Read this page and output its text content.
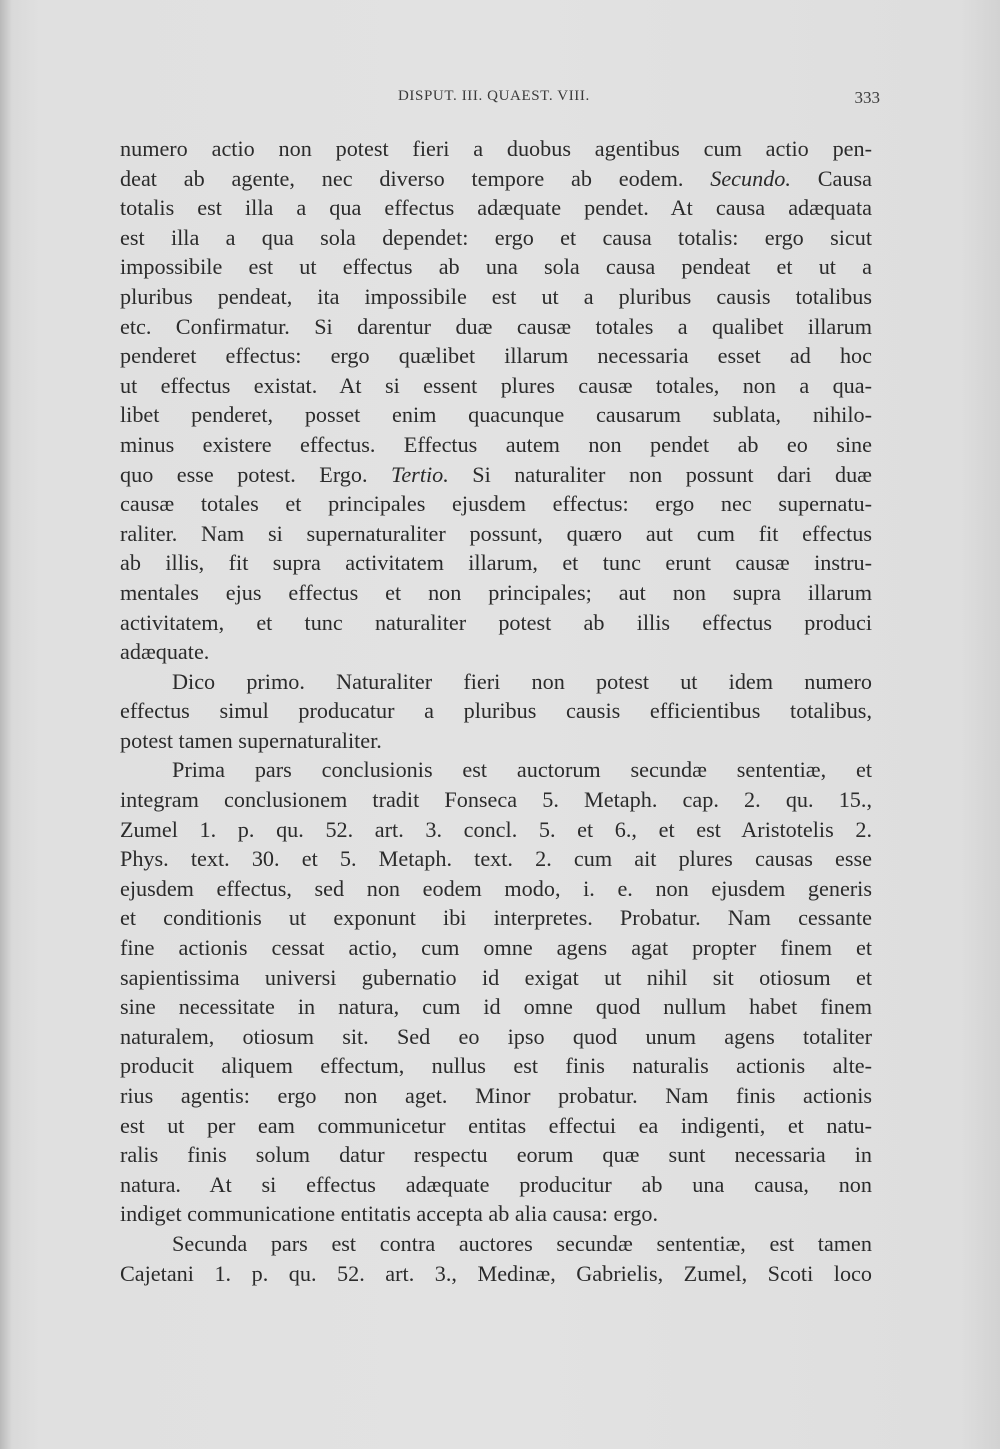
DISPUT. III. QUAEST. VIII.	333
numero actio non potest fieri a duobus agentibus cum actio pen-
deat ab agente, nec diverso tempore ab eodem. Secundo. Causa
totalis est illa a qua effectus adæquate pendet. At causa adæquata
est illa a qua sola dependet: ergo et causa totalis: ergo sicut
impossibile est ut effectus ab una sola causa pendeat et ut a
pluribus pendeat, ita impossibile est ut a pluribus causis totalibus
etc. Confirmatur. Si darentur duæ causæ totales a qualibet illarum
penderet effectus: ergo quælibet illarum necessaria esset ad hoc
ut effectus existat. At si essent plures causæ totales, non a qua-
libet penderet, posset enim quacunque causarum sublata, nihilo-
minus existere effectus. Effectus autem non pendet ab eo sine
quo esse potest. Ergo. Tertio. Si naturaliter non possunt dari duæ
causæ totales et principales ejusdem effectus: ergo nec supernatu-
raliter. Nam si supernaturaliter possunt, quæro aut cum fit effectus
ab illis, fit supra activitatem illarum, et tunc erunt causæ instru-
mentales ejus effectus et non principales; aut non supra illarum
activitatem, et tunc naturaliter potest ab illis effectus produci
adæquate.
Dico primo. Naturaliter fieri non potest ut idem numero
effectus simul producatur a pluribus causis efficientibus totalibus,
potest tamen supernaturaliter.
Prima pars conclusionis est auctorum secundæ sententiæ, et
integram conclusionem tradit Fonseca 5. Metaph. cap. 2. qu. 15.,
Zumel 1. p. qu. 52. art. 3. concl. 5. et 6., et est Aristotelis 2.
Phys. text. 30. et 5. Metaph. text. 2. cum ait plures causas esse
ejusdem effectus, sed non eodem modo, i. e. non ejusdem generis
et conditionis ut exponunt ibi interpretes. Probatur. Nam cessante
fine actionis cessat actio, cum omne agens agat propter finem et
sapientissima universi gubernatio id exigat ut nihil sit otiosum et
sine necessitate in natura, cum id omne quod nullum habet finem
naturalem, otiosum sit. Sed eo ipso quod unum agens totaliter
producit aliquem effectum, nullus est finis naturalis actionis alte-
rius agentis: ergo non aget. Minor probatur. Nam finis actionis
est ut per eam communicetur entitas effectui ea indigenti, et natu-
ralis finis solum datur respectu eorum quæ sunt necessaria in
natura. At si effectus adæquate producitur ab una causa, non
indiget communicatione entitatis accepta ab alia causa: ergo.
Secunda pars est contra auctores secundæ sententiæ, est tamen
Cajetani 1. p. qu. 52. art. 3., Medinæ, Gabrielis, Zumel, Scoti loco
